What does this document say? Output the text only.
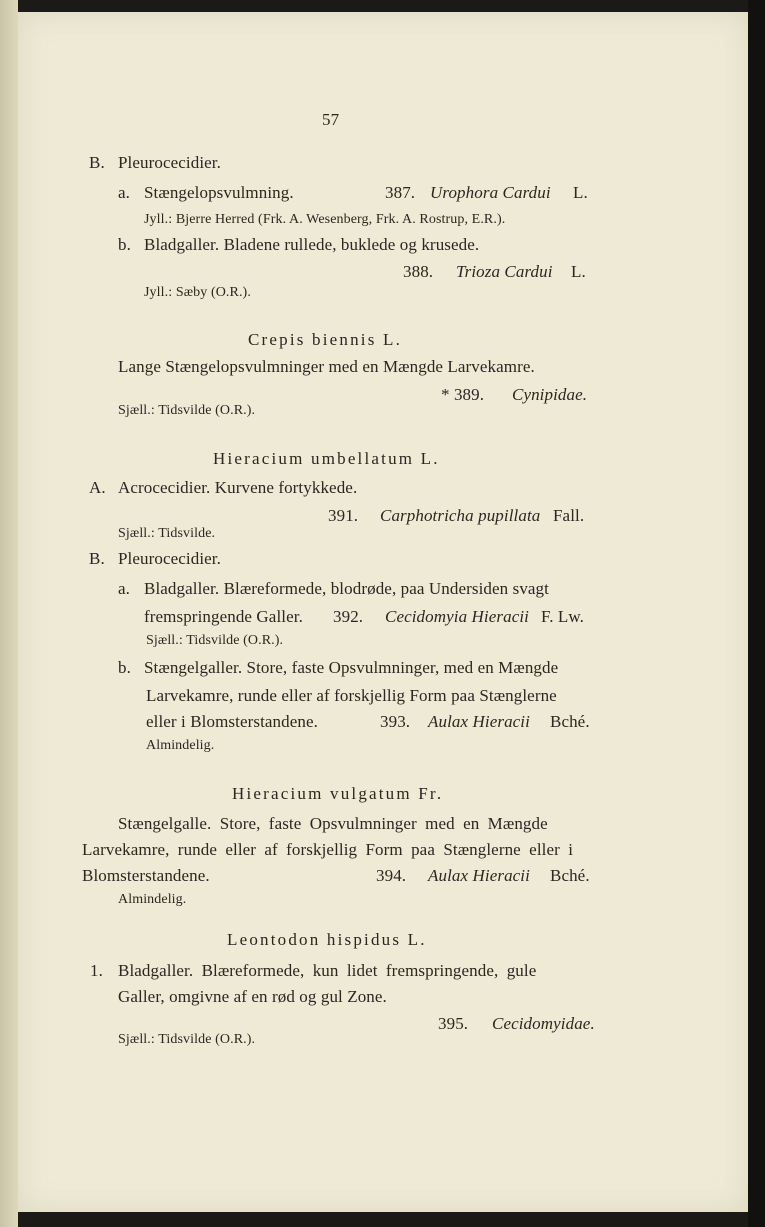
57
B. Pleurocecidier.
a. Stængelopsvulmning.	387. Urophora Cardui L.
Jyll.: Bjerre Herred (Frk. A. Wesenberg, Frk. A. Rostrup, E.R.).
b. Bladgaller. Bladene rullede, buklede og krusede.
388. Trioza Cardui L.
Jyll.: Sæby (O.R.).
Crepis biennis L.
Lange Stængelopsvulmninger med en Mængde Larvekamre.
* 389. Cynipidae.
Sjæll.: Tidsvilde (O.R.).
Hieracium umbellatum L.
A. Acrocecidier. Kurvene fortykkede.
391. Carphotricha pupillata Fall.
Sjæll.: Tidsvilde.
B. Pleurocecidier.
a. Bladgaller. Blæreformede, blodrøde, paa Undersiden svagt
fremspringende Galler. 392. Cecidomyia Hieracii F. Lw.
Sjæll.: Tidsvilde (O.R.).
b. Stængelgaller. Store, faste Opsvulmninger, med en Mængde
Larvekamre, runde eller af forskjellig Form paa Stænglerne
eller i Blomsterstandene.	393. Aulax Hieracii Bché.
Almindelig.
Hieracium vulgatum Fr.
Stængelgalle. Store, faste Opsvulmninger med en Mængde
Larvekamre, runde eller af forskjellig Form paa Stænglerne eller i
Blomsterstandene.	394. Aulax Hieracii Bché.
Almindelig.
Leontodon hispidus L.
1. Bladgaller. Blæreformede, kun lidet fremspringende, gule
Galler, omgivne af en rød og gul Zone.
395. Cecidomyidae.
Sjæll.: Tidsvilde (O.R.).
